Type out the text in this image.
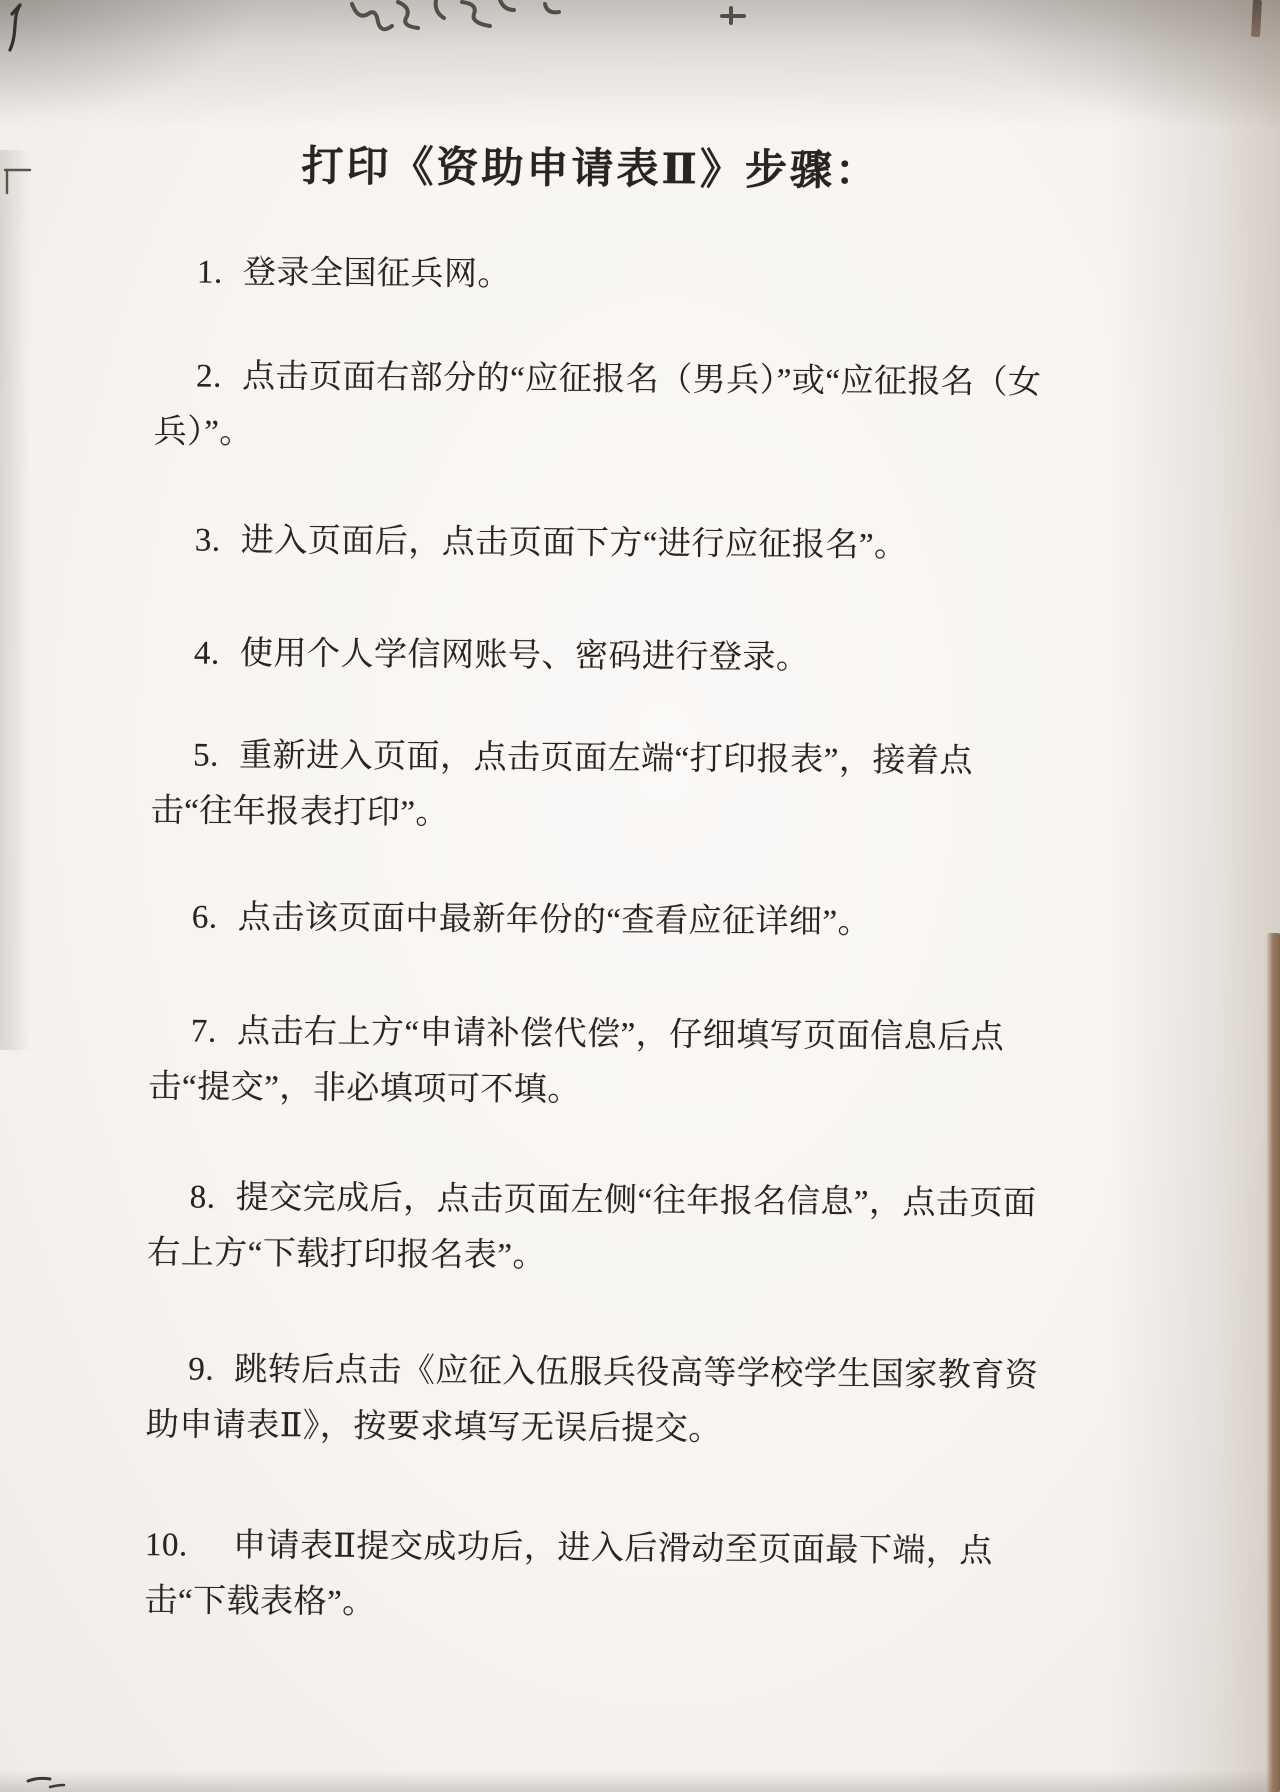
打印《资助申请表Ⅱ》步骤：
1. 登录全国征兵网。
2. 点击页面右部分的“应征报名（男兵）”或“应征报名（女兵）”。
3. 进入页面后，点击页面下方“进行应征报名”。
4. 使用个人学信网账号、密码进行登录。
5. 重新进入页面，点击页面左端“打印报表”，接着点击“往年报表打印”。
6. 点击该页面中最新年份的“查看应征详细”。
7. 点击右上方“申请补偿代偿”，仔细填写页面信息后点击“提交”，非必填项可不填。
8. 提交完成后，点击页面左侧“往年报名信息”，点击页面右上方“下载打印报名表”。
9. 跳转后点击《应征入伍服兵役高等学校学生国家教育资助申请表Ⅱ》，按要求填写无误后提交。
10. 申请表Ⅱ提交成功后，进入后滑动至页面最下端，点击“下载表格”。
